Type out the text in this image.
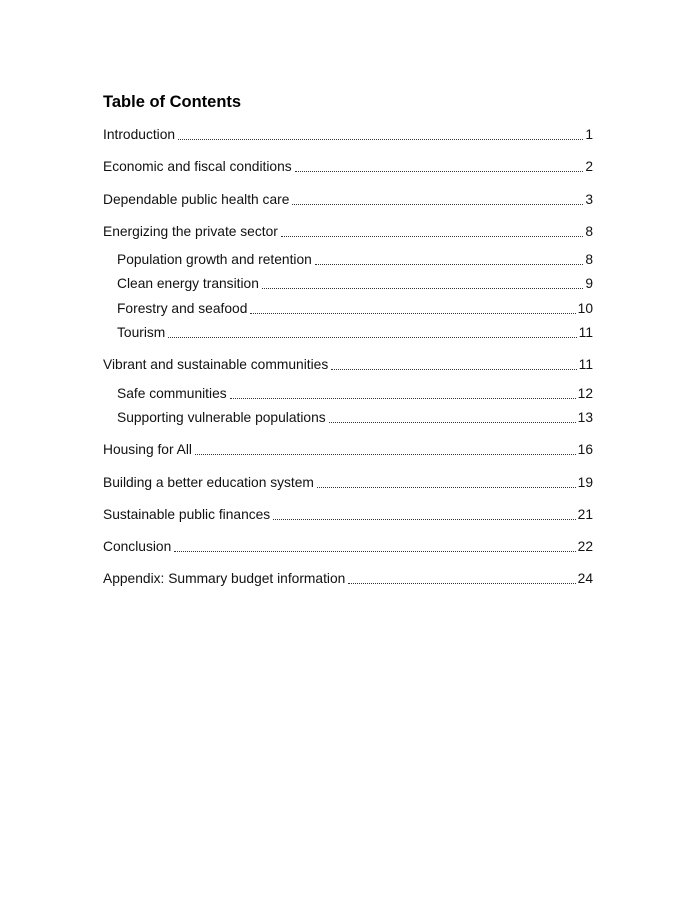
Table of Contents
Introduction	1
Economic and fiscal conditions	2
Dependable public health care	3
Energizing the private sector	8
Population growth and retention	8
Clean energy transition	9
Forestry and seafood	10
Tourism	11
Vibrant and sustainable communities	11
Safe communities	12
Supporting vulnerable populations	13
Housing for All	16
Building a better education system	19
Sustainable public finances	21
Conclusion	22
Appendix: Summary budget information	24
